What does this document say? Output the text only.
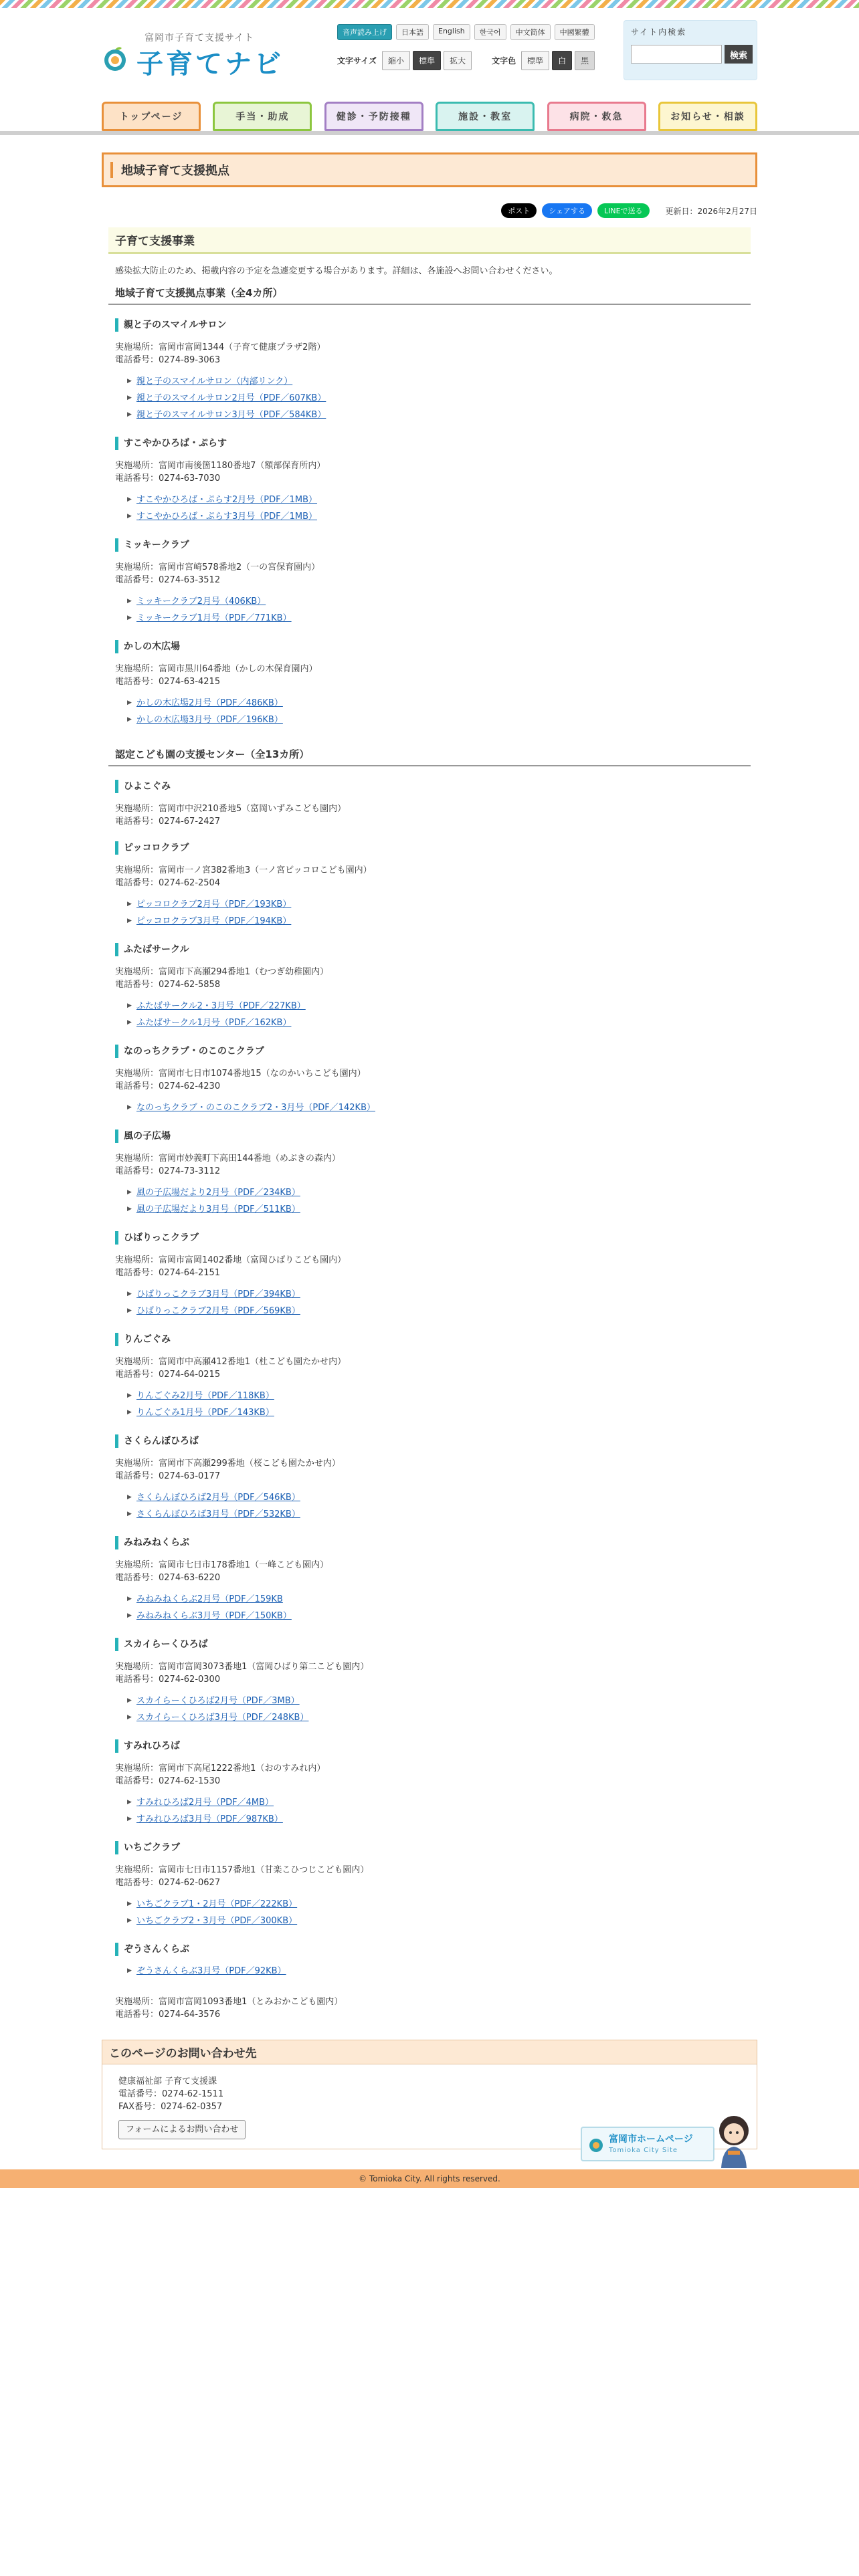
富岡市子育て支援サイト
子育てナビ
音声読み上げ	日本語	English	한국어	中文简体	中國繁體
文字サイズ	縮小	標準	拡大	文字色	標準	白	黒
サイト内検索
検索
トップページ	手当・助成	健診・予防接種	施設・教室	病院・救急	お知らせ・相談
地域子育て支援拠点
ポスト	シェアする	LINEで送る	更新日：2026年2月27日
子育て支援事業
感染拡大防止のため、掲載内容の予定を急遽変更する場合があります。詳細は、各施設へお問い合わせください。
地域子育て支援拠点事業（全4カ所）
親と子のスマイルサロン
実施場所：富岡市富岡1344（子育て健康プラザ2階）
電話番号：0274-89-3063
▶ 親と子のスマイルサロン（内部リンク）
▶ 親と子のスマイルサロン2月号（PDF／607KB）
▶ 親と子のスマイルサロン3月号（PDF／584KB）
すこやかひろば・ぷらす
実施場所：富岡市南後箇1180番地7（額部保育所内）
電話番号：0274-63-7030
▶ すこやかひろば・ぷらす2月号（PDF／1MB）
▶ すこやかひろば・ぷらす3月号（PDF／1MB）
ミッキークラブ
実施場所：富岡市宮崎578番地2（一の宮保育園内）
電話番号：0274-63-3512
▶ ミッキークラブ2月号（406KB）
▶ ミッキークラブ1月号（PDF／771KB）
かしの木広場
実施場所：富岡市黒川64番地（かしの木保育園内）
電話番号：0274-63-4215
▶ かしの木広場2月号（PDF／486KB）
▶ かしの木広場3月号（PDF／196KB）
認定こども園の支援センター（全13カ所）
ひよこぐみ
実施場所：富岡市中沢210番地5（富岡いずみこども園内）
電話番号：0274-67-2427
ピッコロクラブ
実施場所：富岡市一ノ宮382番地3（一ノ宮ピッコロこども園内）
電話番号：0274-62-2504
▶ ピッコロクラブ2月号（PDF／193KB）
▶ ピッコロクラブ3月号（PDF／194KB）
ふたばサークル
実施場所：富岡市下高瀬294番地1（むつぎ幼稚園内）
電話番号：0274-62-5858
▶ ふたばサークル2・3月号（PDF／227KB）
▶ ふたばサークル1月号（PDF／162KB）
なのっちクラブ・のこのこクラブ
実施場所：富岡市七日市1074番地15（なのかいちこども園内）
電話番号：0274-62-4230
▶ なのっちクラブ・のこのこクラブ2・3月号（PDF／142KB）
風の子広場
実施場所：富岡市妙義町下高田144番地（めぶきの森内）
電話番号：0274-73-3112
▶ 風の子広場だより2月号（PDF／234KB）
▶ 風の子広場だより3月号（PDF／511KB）
ひばりっこクラブ
実施場所：富岡市富岡1402番地（富岡ひばりこども園内）
電話番号：0274-64-2151
▶ ひばりっこクラブ3月号（PDF／394KB）
▶ ひばりっこクラブ2月号（PDF／569KB）
りんごぐみ
実施場所：富岡市中高瀬412番地1（杜こども園たかせ内）
電話番号：0274-64-0215
▶ りんごぐみ2月号（PDF／118KB）
▶ りんごぐみ1月号（PDF／143KB）
さくらんぼひろば
実施場所：富岡市下高瀬299番地（桜こども園たかせ内）
電話番号：0274-63-0177
▶ さくらんぼひろば2月号（PDF／546KB）
▶ さくらんぼひろば3月号（PDF／532KB）
みねみねくらぶ
実施場所：富岡市七日市178番地1（一峰こども園内）
電話番号：0274-63-6220
▶ みねみねくらぶ2月号（PDF／159KB
▶ みねみねくらぶ3月号（PDF／150KB）
スカイらーくひろば
実施場所：富岡市富岡3073番地1（富岡ひばり第二こども園内）
電話番号：0274-62-0300
▶ スカイらーくひろば2月号（PDF／3MB）
▶ スカイらーくひろば3月号（PDF／248KB）
すみれひろば
実施場所：富岡市下高尾1222番地1（おのすみれ内）
電話番号：0274-62-1530
▶ すみれひろば2月号（PDF／4MB）
▶ すみれひろば3月号（PDF／987KB）
いちごクラブ
実施場所：富岡市七日市1157番地1（甘楽こひつじこども園内）
電話番号：0274-62-0627
▶ いちごクラブ1・2月号（PDF／222KB）
▶ いちごクラブ2・3月号（PDF／300KB）
ぞうさんくらぶ
▶ ぞうさんくらぶ3月号（PDF／92KB）
実施場所：富岡市富岡1093番地1（とみおかこども園内）
電話番号：0274-64-3576
このページのお問い合わせ先
健康福祉部 子育て支援課
電話番号：0274-62-1511
FAX番号：0274-62-0357
フォームによるお問い合わせ
富岡市ホームページ
Tomioka City Site
© Tomioka City. All rights reserved.
